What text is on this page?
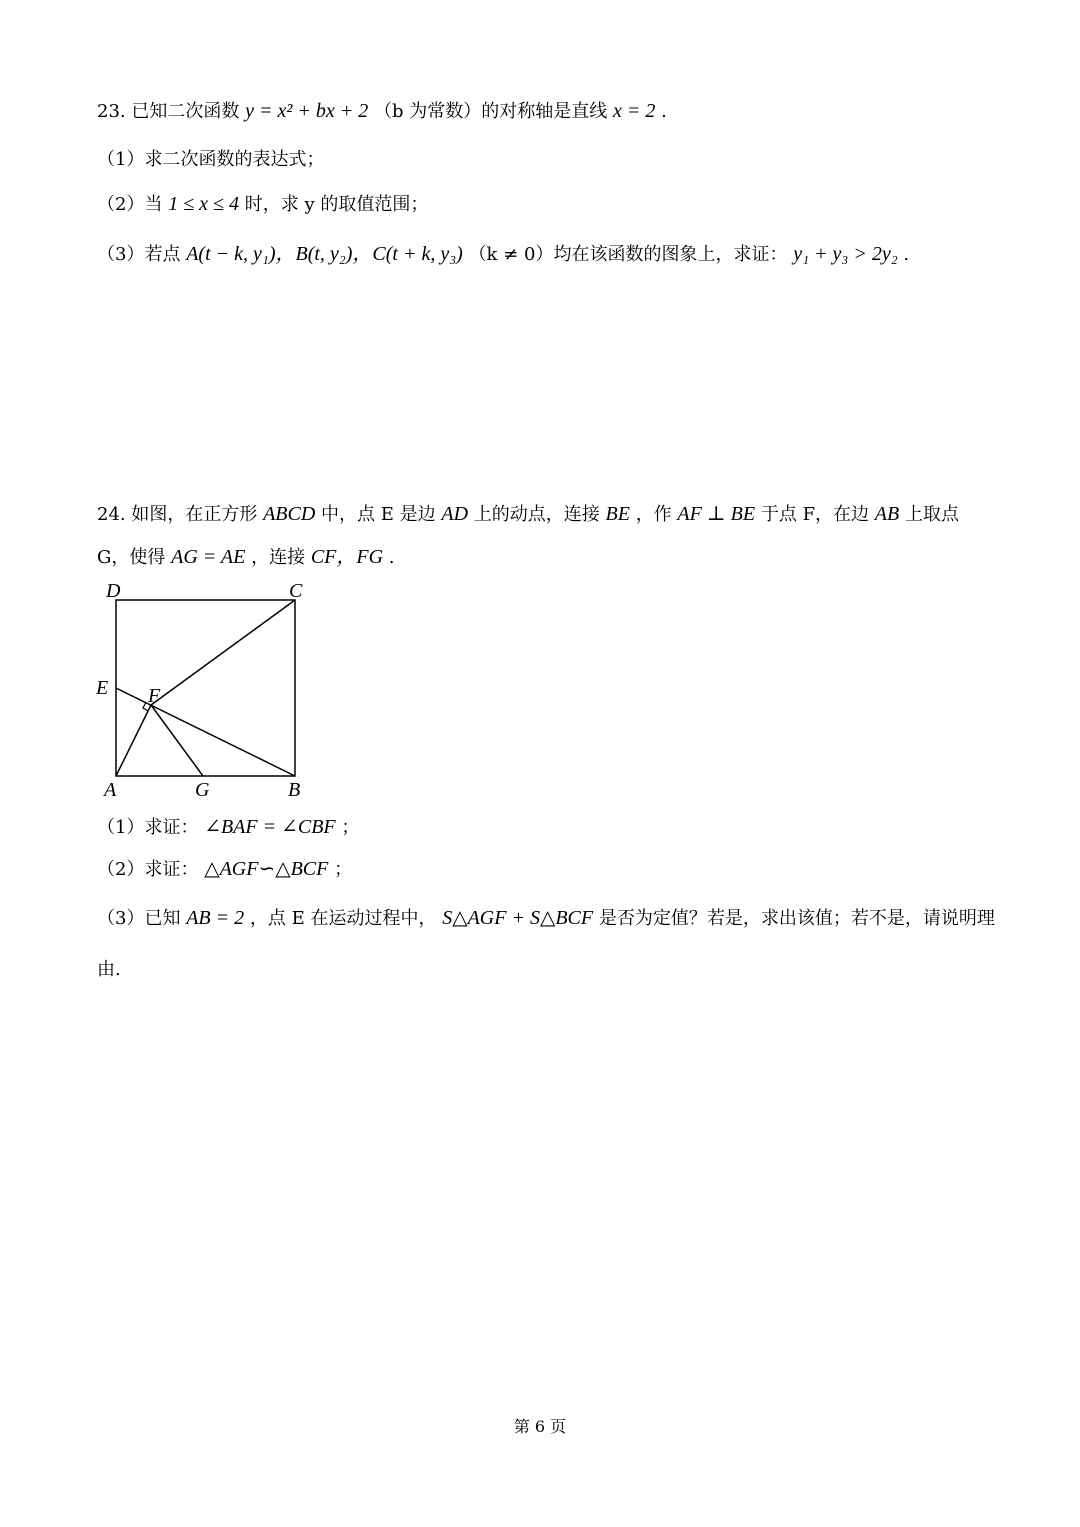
23. 已知二次函数 y = x² + bx + 2 （b 为常数）的对称轴是直线 x = 2 .

（1）求二次函数的表达式；

（2）当 1 ≤ x ≤ 4 时，求 y 的取值范围；

（3）若点 A(t − k, y₁)，B(t, y₂)，C(t + k, y₃) （k ≠ 0）均在该函数的图象上，求证： y₁ + y₃ > 2y₂ .

24. 如图，在正方形 ABCD 中，点 E 是边 AD 上的动点，连接 BE ，作 AF ⊥ BE 于点 F，在边 AB 上取点

G，使得 AG = AE ，连接 CF，FG .

D	C
E F
A	G	B

（1）求证： ∠BAF = ∠CBF ；

（2）求证： △AGF∽△BCF ；

（3）已知 AB = 2 ，点 E 在运动过程中， S△AGF + S△BCF 是否为定值？若是，求出该值；若不是，请说明理

由.

第 6 页
